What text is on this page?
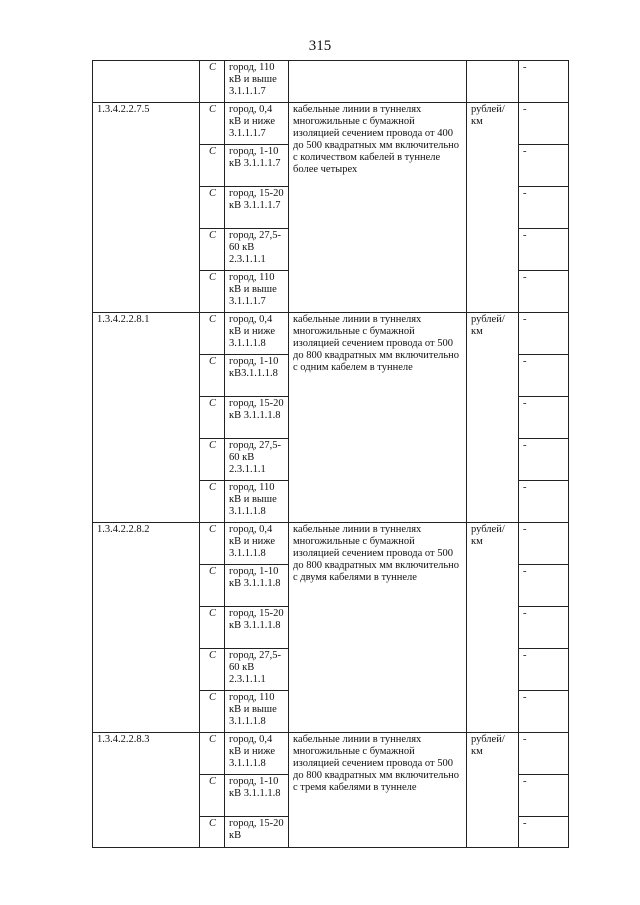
315
	С	город, 110 кВ и выше 3.1.1.1.7			-
1.3.4.2.2.7.5	С	город, 0,4 кВ и ниже 3.1.1.1.7	кабельные линии в туннелях многожильные с бумажной изоляцией сечением провода от 400 до 500 квадратных мм включительно с количеством кабелей в туннеле более четырех	рублей/ км	-
	С	город, 1-10 кВ 3.1.1.1.7			-
	С	город, 15-20 кВ 3.1.1.1.7			-
	С	город, 27,5-60 кВ 2.3.1.1.1			-
	С	город, 110 кВ и выше 3.1.1.1.7			-
1.3.4.2.2.8.1	С	город, 0,4 кВ и ниже 3.1.1.1.8	кабельные линии в туннелях многожильные с бумажной изоляцией сечением провода от 500 до 800 квадратных мм включительно с одним кабелем в туннеле	рублей/ км	-
	С	город, 1-10 кВ3.1.1.1.8			-
	С	город, 15-20 кВ 3.1.1.1.8			-
	С	город, 27,5-60 кВ 2.3.1.1.1			-
	С	город, 110 кВ и выше 3.1.1.1.8			-
1.3.4.2.2.8.2	С	город, 0,4 кВ и ниже 3.1.1.1.8	кабельные линии в туннелях многожильные с бумажной изоляцией сечением провода от 500 до 800 квадратных мм включительно с двумя кабелями в туннеле	рублей/ км	-
	С	город, 1-10 кВ 3.1.1.1.8			-
	С	город, 15-20 кВ 3.1.1.1.8			-
	С	город, 27,5-60 кВ 2.3.1.1.1			-
	С	город, 110 кВ и выше 3.1.1.1.8			-
1.3.4.2.2.8.3	С	город, 0,4 кВ и ниже 3.1.1.1.8	кабельные линии в туннелях многожильные с бумажной изоляцией сечением провода от 500 до 800 квадратных мм включительно с тремя кабелями в туннеле	рублей/ км	-
	С	город, 1-10 кВ 3.1.1.1.8			-
	С	город, 15-20 кВ			-
